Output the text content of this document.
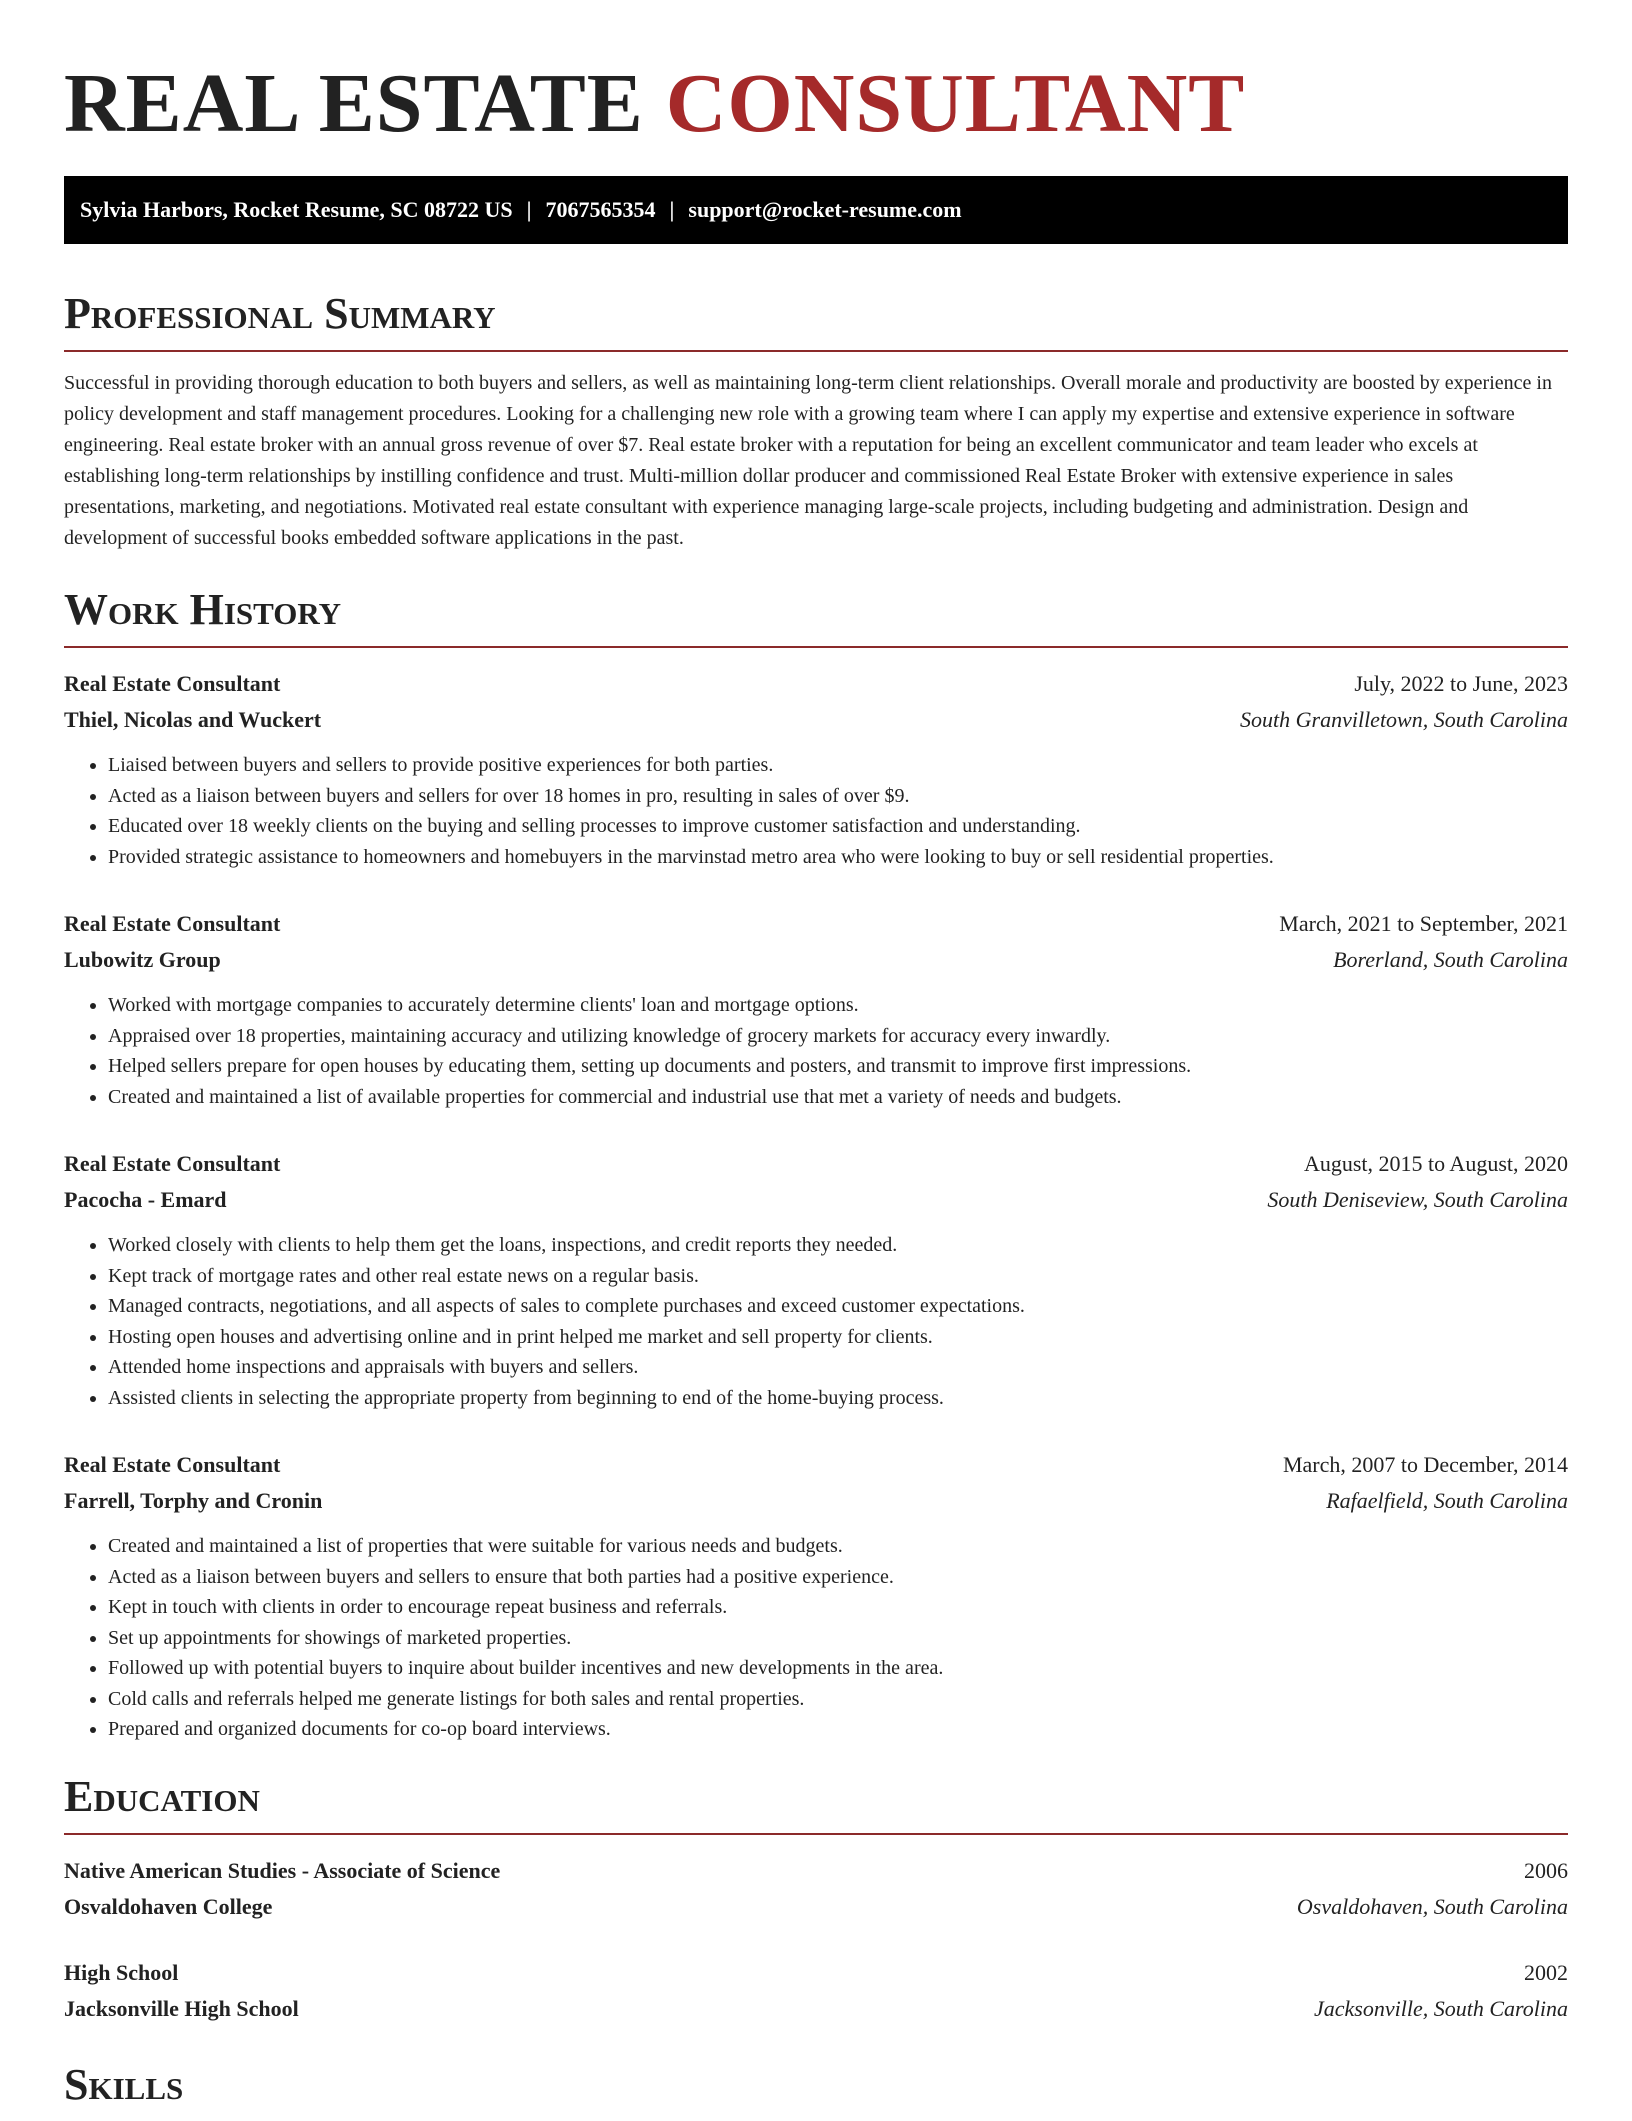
REAL ESTATE CONSULTANT
Sylvia Harbors, Rocket Resume, SC 08722 US | 7067565354 | support@rocket-resume.com
Professional Summary

Successful in providing thorough education to both buyers and sellers, as well as maintaining long-term client relationships. Overall morale and productivity are boosted by experience in policy development and staff management procedures. Looking for a challenging new role with a growing team where I can apply my expertise and extensive experience in software engineering. Real estate broker with an annual gross revenue of over $7. Real estate broker with a reputation for being an excellent communicator and team leader who excels at establishing long-term relationships by instilling confidence and trust. Multi-million dollar producer and commissioned Real Estate Broker with extensive experience in sales presentations, marketing, and negotiations. Motivated real estate consultant with experience managing large-scale projects, including budgeting and administration. Design and development of successful books embedded software applications in the past.

Work History
Real Estate Consultant	July, 2022 to June, 2023
Thiel, Nicolas and Wuckert	South Granvilletown, South Carolina
• Liaised between buyers and sellers to provide positive experiences for both parties.
• Acted as a liaison between buyers and sellers for over 18 homes in pro, resulting in sales of over $9.
• Educated over 18 weekly clients on the buying and selling processes to improve customer satisfaction and understanding.
• Provided strategic assistance to homeowners and homebuyers in the marvinstad metro area who were looking to buy or sell residential properties.
Real Estate Consultant	March, 2021 to September, 2021
Lubowitz Group	Borerland, South Carolina
• Worked with mortgage companies to accurately determine clients' loan and mortgage options.
• Appraised over 18 properties, maintaining accuracy and utilizing knowledge of grocery markets for accuracy every inwardly.
• Helped sellers prepare for open houses by educating them, setting up documents and posters, and transmit to improve first impressions.
• Created and maintained a list of available properties for commercial and industrial use that met a variety of needs and budgets.
Real Estate Consultant	August, 2015 to August, 2020
Pacocha - Emard	South Deniseview, South Carolina
• Worked closely with clients to help them get the loans, inspections, and credit reports they needed.
• Kept track of mortgage rates and other real estate news on a regular basis.
• Managed contracts, negotiations, and all aspects of sales to complete purchases and exceed customer expectations.
• Hosting open houses and advertising online and in print helped me market and sell property for clients.
• Attended home inspections and appraisals with buyers and sellers.
• Assisted clients in selecting the appropriate property from beginning to end of the home-buying process.
Real Estate Consultant	March, 2007 to December, 2014
Farrell, Torphy and Cronin	Rafaelfield, South Carolina
• Created and maintained a list of properties that were suitable for various needs and budgets.
• Acted as a liaison between buyers and sellers to ensure that both parties had a positive experience.
• Kept in touch with clients in order to encourage repeat business and referrals.
• Set up appointments for showings of marketed properties.
• Followed up with potential buyers to inquire about builder incentives and new developments in the area.
• Cold calls and referrals helped me generate listings for both sales and rental properties.
• Prepared and organized documents for co-op board interviews.
Education
Native American Studies - Associate of Science	2006
Osvaldohaven College	Osvaldohaven, South Carolina
High School	2002
Jacksonville High School	Jacksonville, South Carolina
Skills
